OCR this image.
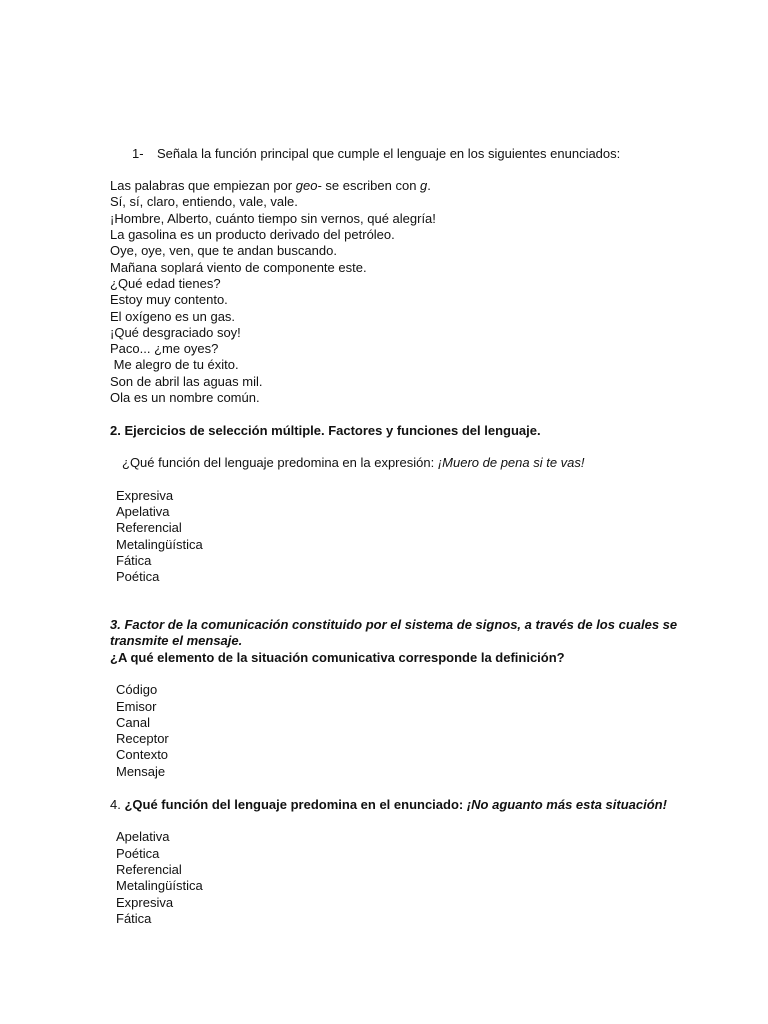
1- Señala la función principal que cumple el lenguaje en los siguientes enunciados:
Las palabras que empiezan por geo- se escriben con g.
Sí, sí, claro, entiendo, vale, vale.
¡Hombre, Alberto, cuánto tiempo sin vernos, qué alegría!
La gasolina es un producto derivado del petróleo.
Oye, oye, ven, que te andan buscando.
Mañana soplará viento de componente este.
¿Qué edad tienes?
Estoy muy contento.
El oxígeno es un gas.
¡Qué desgraciado soy!
Paco... ¿me oyes?
Me alegro de tu éxito.
Son de abril las aguas mil.
Ola es un nombre común.
2. Ejercicios de selección múltiple. Factores y funciones del lenguaje.
¿Qué función del lenguaje predomina en la expresión: ¡Muero de pena si te vas!
Expresiva
Apelativa
Referencial
Metalingüística
Fática
Poética
3. Factor de la comunicación constituido por el sistema de signos, a través de los cuales se
transmite el mensaje.
¿A qué elemento de la situación comunicativa corresponde la definición?
Código
Emisor
Canal
Receptor
Contexto
Mensaje
4. ¿Qué función del lenguaje predomina en el enunciado: ¡No aguanto más esta situación!
Apelativa
Poética
Referencial
Metalingüística
Expresiva
Fática
